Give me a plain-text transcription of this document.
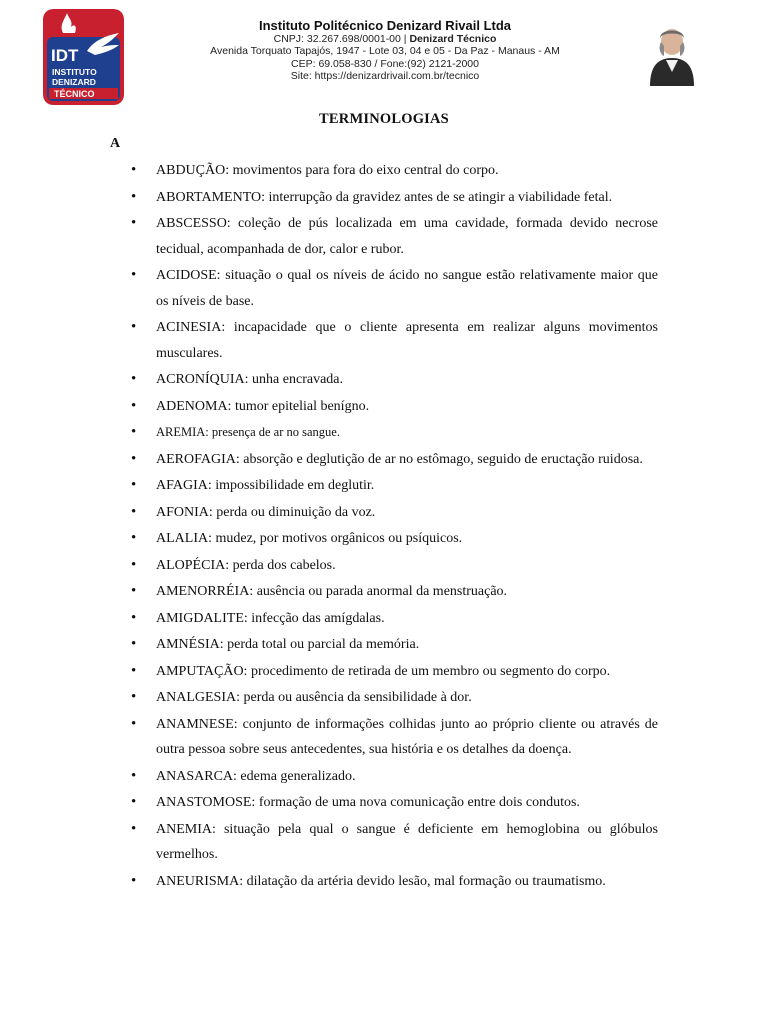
IDT
INSTITUTO
DENIZARD
TÉCNICO
Instituto Politécnico Denizard Rivail Ltda
CNPJ: 32.267.698/0001-00 | Denizard Técnico
Avenida Torquato Tapajós, 1947 - Lote 03, 04 e 05 - Da Paz - Manaus - AM
CEP: 69.058-830 / Fone:(92) 2121-2000
Site: https://denizardrivail.com.br/tecnico
TERMINOLOGIAS
A
• ABDUÇÃO: movimentos para fora do eixo central do corpo.
• ABORTAMENTO: interrupção da gravidez antes de se atingir a viabilidade fetal.
• ABSCESSO: coleção de pús localizada em uma cavidade, formada devido necrose tecidual, acompanhada de dor, calor e rubor.
• ACIDOSE: situação o qual os níveis de ácido no sangue estão relativamente maior que os níveis de base.
• ACINESIA: incapacidade que o cliente apresenta em realizar alguns movimentos musculares.
• ACRONÍQUIA: unha encravada.
• ADENOMA: tumor epitelial benígno.
• AREMIA: presença de ar no sangue.
• AEROFAGIA: absorção e deglutição de ar no estômago, seguido de eructação ruidosa.
• AFAGIA: impossibilidade em deglutir.
• AFONIA: perda ou diminuição da voz.
• ALALIA: mudez, por motivos orgânicos ou psíquicos.
• ALOPÉCIA: perda dos cabelos.
• AMENORRÉIA: ausência ou parada anormal da menstruação.
• AMIGDALITE: infecção das amígdalas.
• AMNÉSIA: perda total ou parcial da memória.
• AMPUTAÇÃO: procedimento de retirada de um membro ou segmento do corpo.
• ANALGESIA: perda ou ausência da sensibilidade à dor.
• ANAMNESE: conjunto de informações colhidas junto ao próprio cliente ou através de outra pessoa sobre seus antecedentes, sua história e os detalhes da doença.
• ANASARCA: edema generalizado.
• ANASTOMOSE: formação de uma nova comunicação entre dois condutos.
• ANEMIA: situação pela qual o sangue é deficiente em hemoglobina ou glóbulos vermelhos.
• ANEURISMA: dilatação da artéria devido lesão, mal formação ou traumatismo.
